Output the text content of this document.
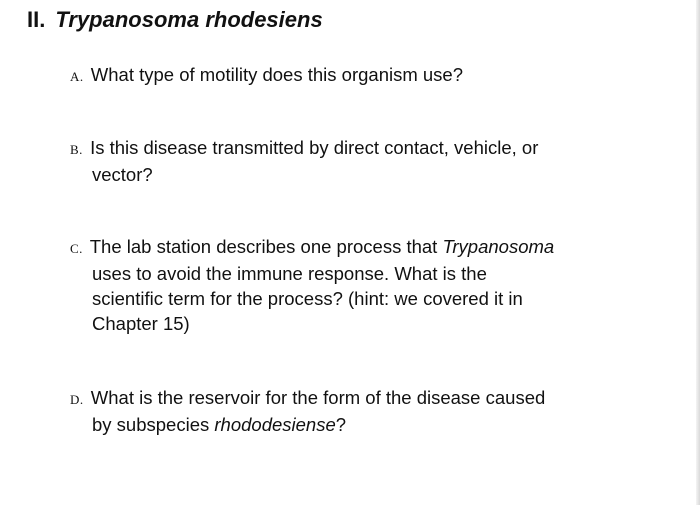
II. Trypanosoma rhodesiens
A. What type of motility does this organism use?
B. Is this disease transmitted by direct contact, vehicle, or
vector?
C. The lab station describes one process that Trypanosoma
uses to avoid the immune response. What is the
scientific term for the process? (hint: we covered it in
Chapter 15)
D. What is the reservoir for the form of the disease caused
by subspecies rhododesiense?
